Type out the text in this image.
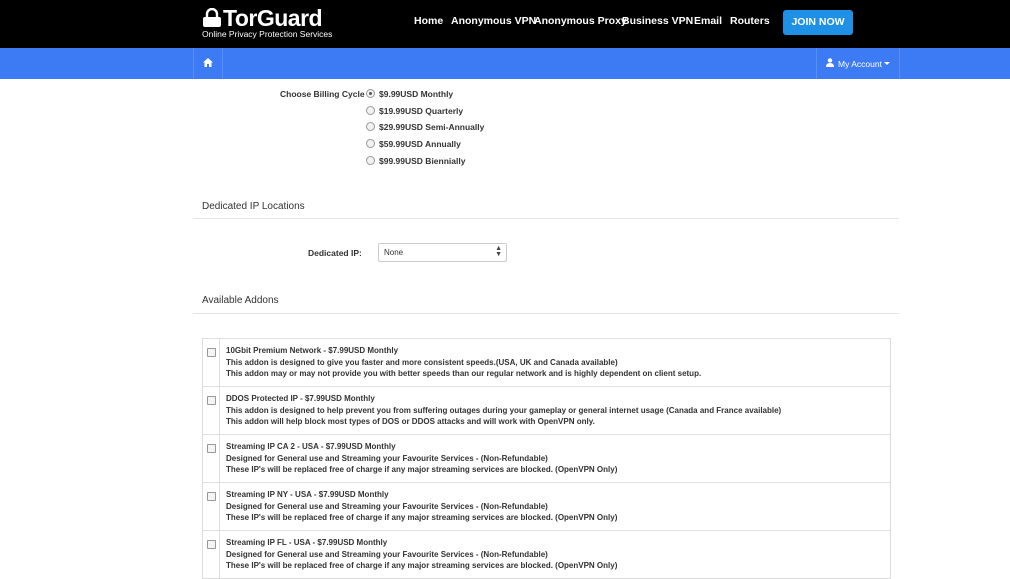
TorGuard
Online Privacy Protection Services
Home Anonymous VPN
Anonymous Proxy
Business VPN Email Routers	JOIN NOW
My Account
Choose Billing Cycle	$9.99USD Monthly
$19.99USD Quarterly
$29.99USD Semi-Annually
$59.99USD Annually
$99.99USD Biennially
Dedicated IP Locations
Dedicated IP:	None	▲
▼
Available Addons
10Gbit Premium Network - $7.99USD Monthly
This addon is designed to give you faster and more consistent speeds.(USA, UK and Canada available)
This addon may or may not provide you with better speeds than our regular network and is highly dependent on client setup.
DDOS Protected IP - $7.99USD Monthly
This addon is designed to help prevent you from suffering outages during your gameplay or general internet usage (Canada and France available)
This addon will help block most types of DOS or DDOS attacks and will work with OpenVPN only.
Streaming IP CA 2 - USA - $7.99USD Monthly
Designed for General use and Streaming your Favourite Services - (Non-Refundable)
These IP's will be replaced free of charge if any major streaming services are blocked. (OpenVPN Only)
Streaming IP NY - USA - $7.99USD Monthly
Designed for General use and Streaming your Favourite Services - (Non-Refundable)
These IP's will be replaced free of charge if any major streaming services are blocked. (OpenVPN Only)
Streaming IP FL - USA - $7.99USD Monthly
Designed for General use and Streaming your Favourite Services - (Non-Refundable)
These IP's will be replaced free of charge if any major streaming services are blocked. (OpenVPN Only)
